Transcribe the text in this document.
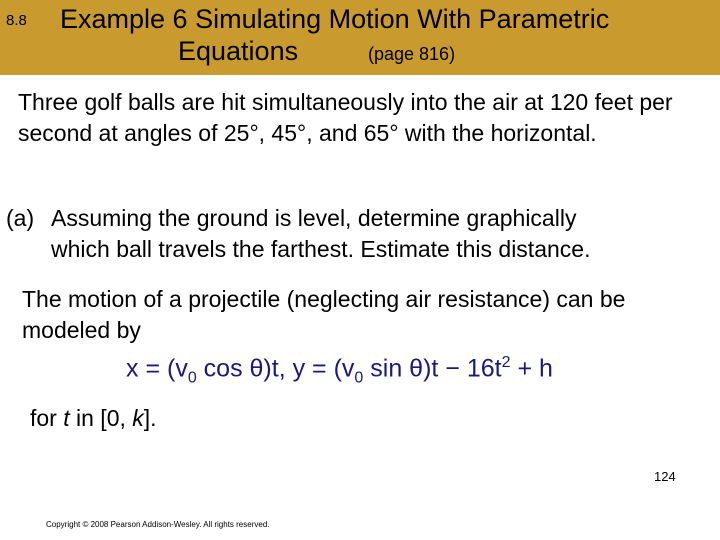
8.8 Example 6 Simulating Motion With Parametric
Equations	(page 816)

Three golf balls are hit simultaneously into the air at 120 feet per second at angles of 25°, 45°, and 65° with the horizontal.

(a) Assuming the ground is level, determine graphically
which ball travels the farthest. Estimate this distance.

The motion of a projectile (neglecting air resistance) can be modeled by

$x = (v_0$ cos θ)t, $y = (v_0$ $\sin \theta)t - 16t^2 + h$

for t in [0, k].

124
Copyright © 2008 Pearson Addison-Wesley. All rights reserved.
